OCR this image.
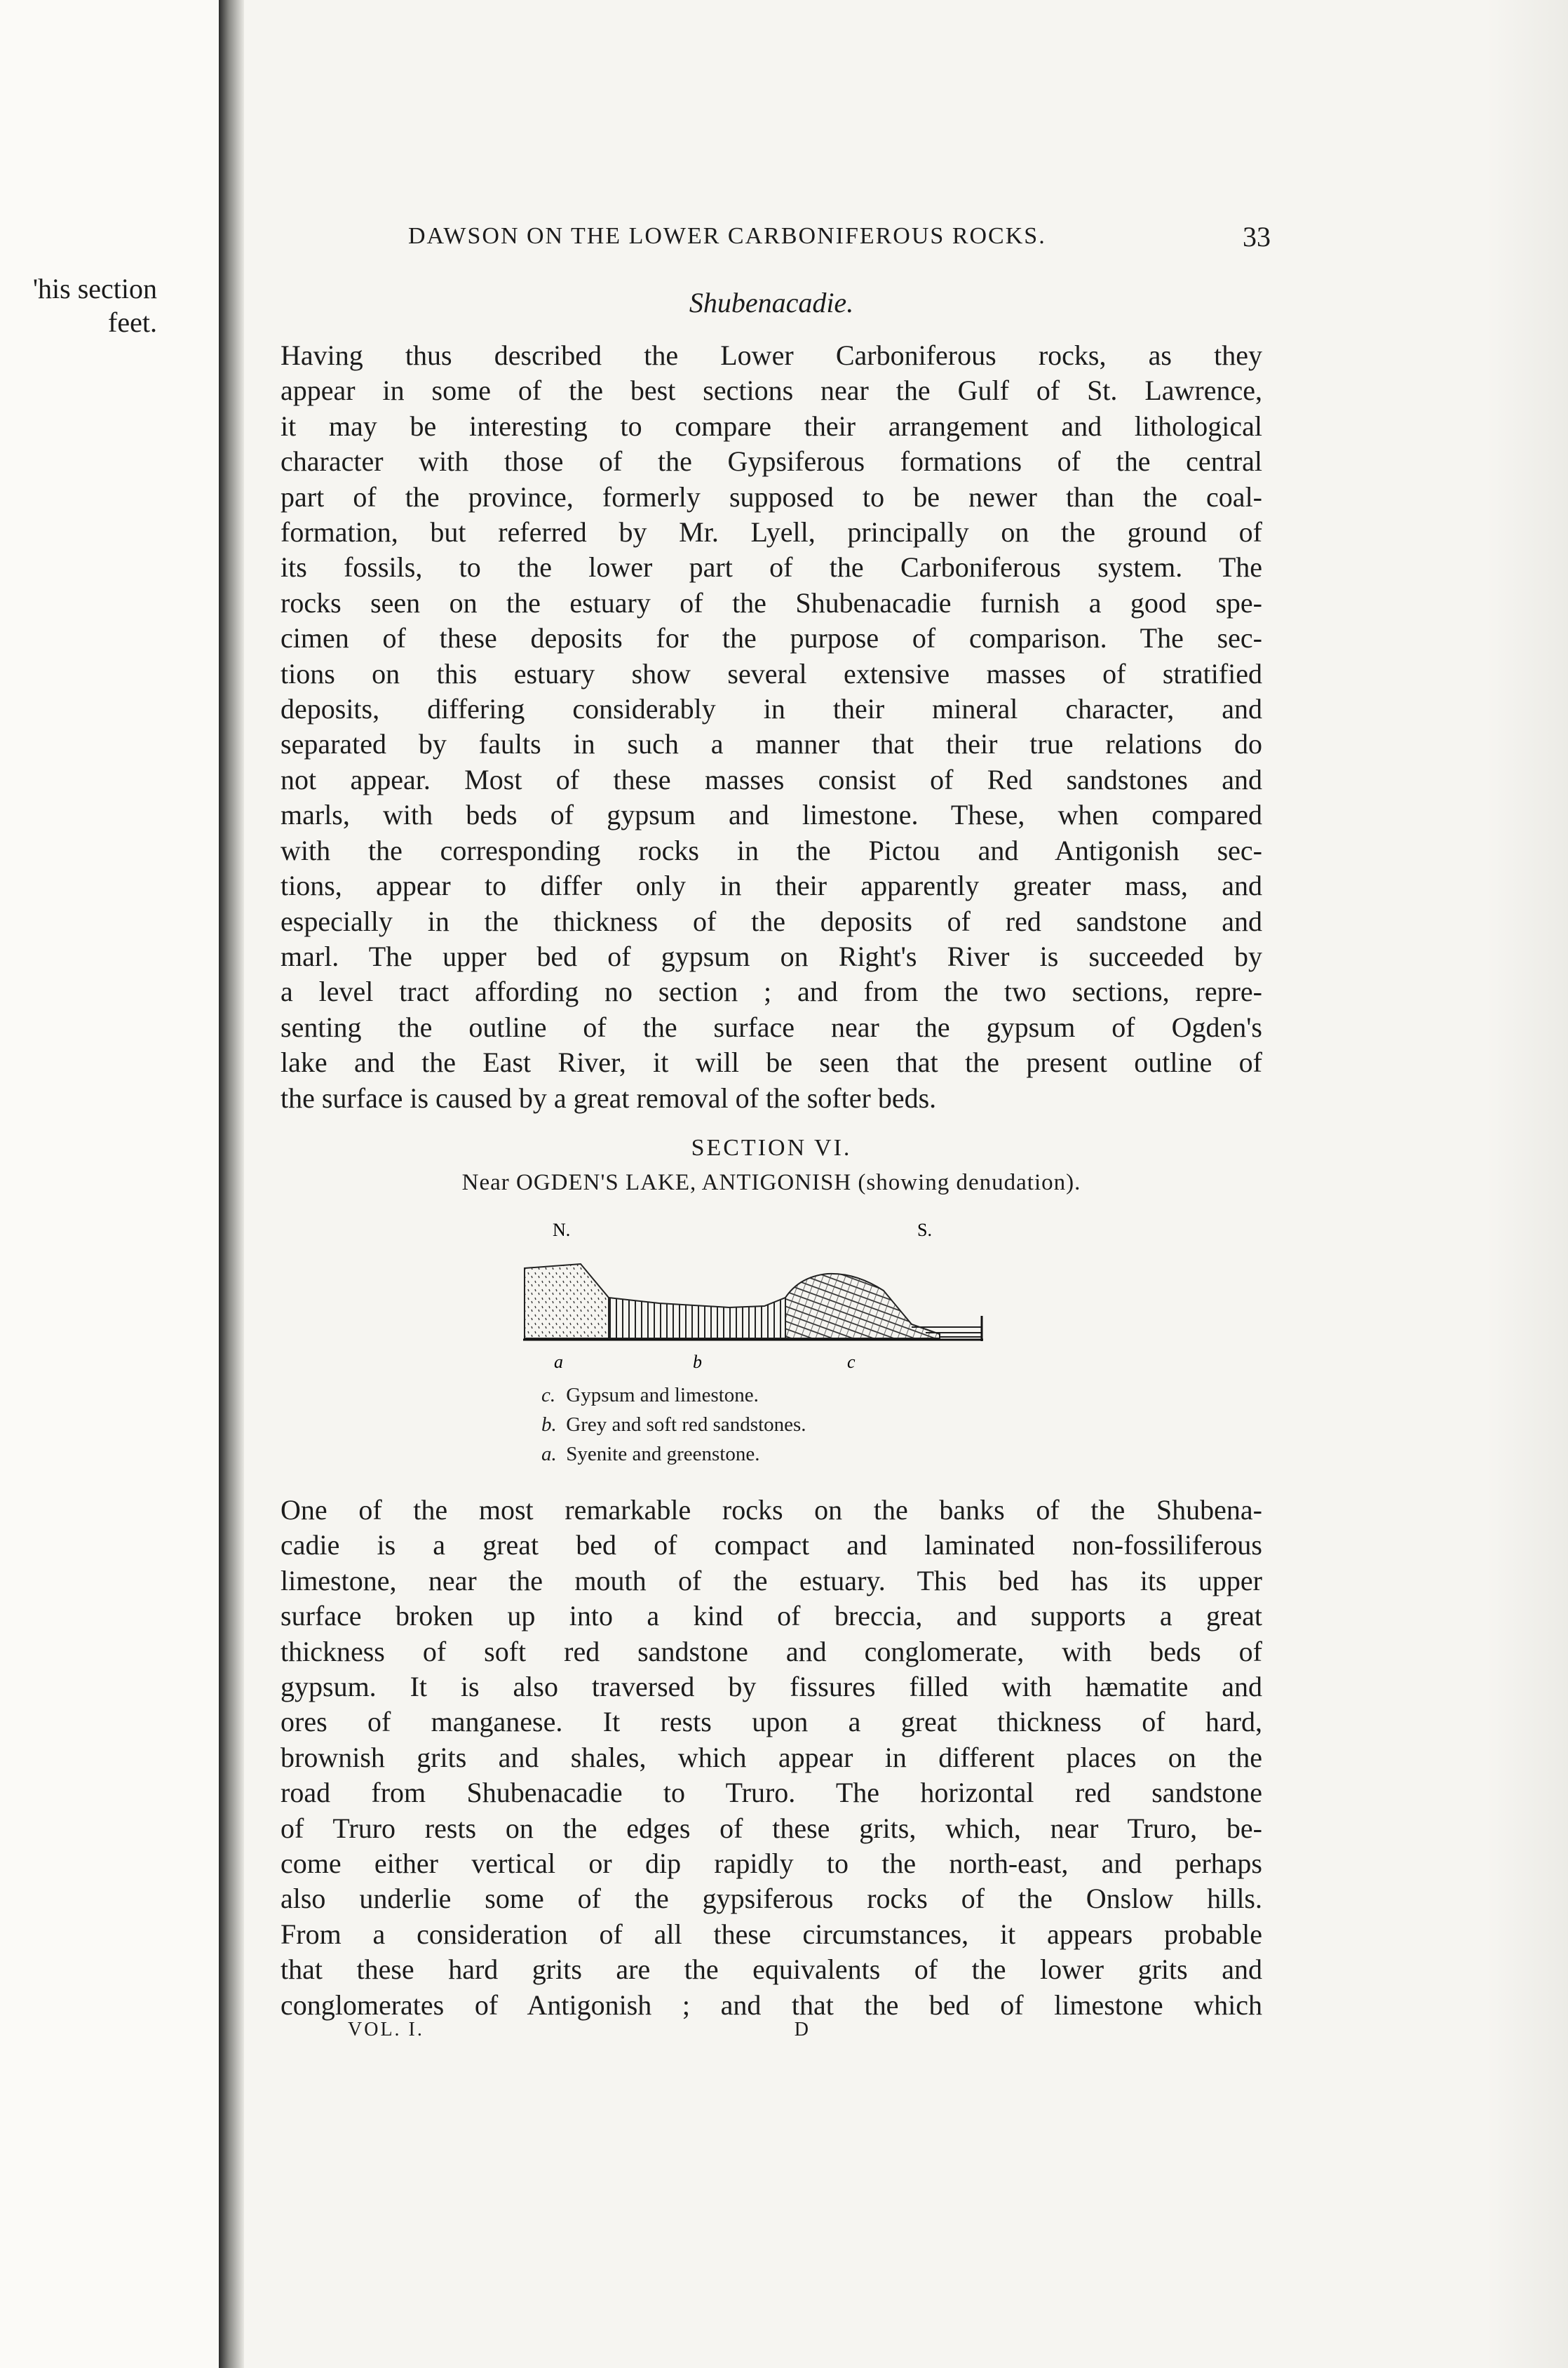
'his section
feet.
DAWSON ON THE LOWER CARBONIFEROUS ROCKS.	33
Shubenacadie.
Having thus described the Lower Carboniferous rocks, as they
appear in some of the best sections near the Gulf of St. Lawrence,
it may be interesting to compare their arrangement and lithological
character with those of the Gypsiferous formations of the central
part of the province, formerly supposed to be newer than the coal-
formation, but referred by Mr. Lyell, principally on the ground of
its fossils, to the lower part of the Carboniferous system. The
rocks seen on the estuary of the Shubenacadie furnish a good spe-
cimen of these deposits for the purpose of comparison. The sec-
tions on this estuary show several extensive masses of stratified
deposits, differing considerably in their mineral character, and
separated by faults in such a manner that their true relations do
not appear. Most of these masses consist of Red sandstones and
marls, with beds of gypsum and limestone. These, when compared
with the corresponding rocks in the Pictou and Antigonish sec-
tions, appear to differ only in their apparently greater mass, and
especially in the thickness of the deposits of red sandstone and
marl. The upper bed of gypsum on Right's River is succeeded by
a level tract affording no section ; and from the two sections, repre-
senting the outline of the surface near the gypsum of Ogden's
lake and the East River, it will be seen that the present outline of
the surface is caused by a great removal of the softer beds.
SECTION VI.
Near OGDEN'S LAKE, ANTIGONISH (showing denudation).
N.	S.
a	b	c
c. Gypsum and limestone.
b. Grey and soft red sandstones.
a. Syenite and greenstone.
One of the most remarkable rocks on the banks of the Shubena-
cadie is a great bed of compact and laminated non-fossiliferous
limestone, near the mouth of the estuary. This bed has its upper
surface broken up into a kind of breccia, and supports a great
thickness of soft red sandstone and conglomerate, with beds of
gypsum. It is also traversed by fissures filled with hæmatite and
ores of manganese. It rests upon a great thickness of hard,
brownish grits and shales, which appear in different places on the
road from Shubenacadie to Truro. The horizontal red sandstone
of Truro rests on the edges of these grits, which, near Truro, be-
come either vertical or dip rapidly to the north-east, and perhaps
also underlie some of the gypsiferous rocks of the Onslow hills.
From a consideration of all these circumstances, it appears probable
that these hard grits are the equivalents of the lower grits and
conglomerates of Antigonish ; and that the bed of limestone which
VOL. I.	D
